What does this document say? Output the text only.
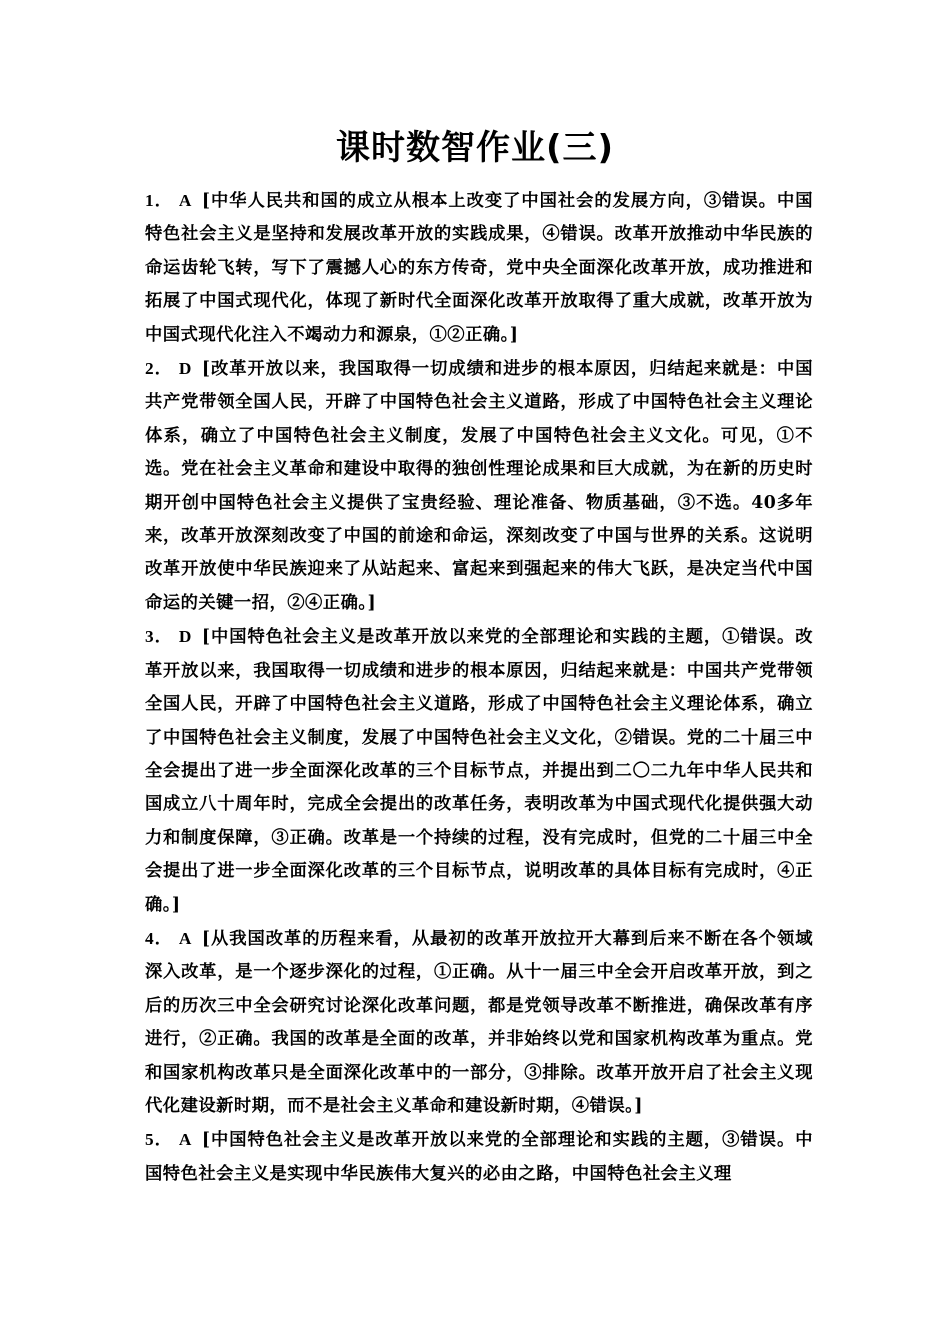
课时数智作业(三)

1． A [中华人民共和国的成立从根本上改变了中国社会的发展方向，③错误。中国特色社会主义是坚持和发展改革开放的实践成果，④错误。改革开放推动中华民族的命运齿轮飞转，写下了震撼人心的东方传奇，党中央全面深化改革开放，成功推进和拓展了中国式现代化，体现了新时代全面深化改革开放取得了重大成就，改革开放为中国式现代化注入不竭动力和源泉，①②正确。]

2． D [改革开放以来，我国取得一切成绩和进步的根本原因，归结起来就是：中国共产党带领全国人民，开辟了中国特色社会主义道路，形成了中国特色社会主义理论体系，确立了中国特色社会主义制度，发展了中国特色社会主义文化。可见，①不选。党在社会主义革命和建设中取得的独创性理论成果和巨大成就，为在新的历史时期开创中国特色社会主义提供了宝贵经验、理论准备、物质基础，③不选。40多年来，改革开放深刻改变了中国的前途和命运，深刻改变了中国与世界的关系。这说明改革开放使中华民族迎来了从站起来、富起来到强起来的伟大飞跃，是决定当代中国命运的关键一招，②④正确。]

3． D [中国特色社会主义是改革开放以来党的全部理论和实践的主题，①错误。改革开放以来，我国取得一切成绩和进步的根本原因，归结起来就是：中国共产党带领全国人民，开辟了中国特色社会主义道路，形成了中国特色社会主义理论体系，确立了中国特色社会主义制度，发展了中国特色社会主义文化，②错误。党的二十届三中全会提出了进一步全面深化改革的三个目标节点，并提出到二〇二九年中华人民共和国成立八十周年时，完成全会提出的改革任务，表明改革为中国式现代化提供强大动力和制度保障，③正确。改革是一个持续的过程，没有完成时，但党的二十届三中全会提出了进一步全面深化改革的三个目标节点，说明改革的具体目标有完成时，④正确。]

4． A [从我国改革的历程来看，从最初的改革开放拉开大幕到后来不断在各个领域深入改革，是一个逐步深化的过程，①正确。从十一届三中全会开启改革开放，到之后的历次三中全会研究讨论深化改革问题，都是党领导改革不断推进，确保改革有序进行，②正确。我国的改革是全面的改革，并非始终以党和国家机构改革为重点。党和国家机构改革只是全面深化改革中的一部分，③排除。改革开放开启了社会主义现代化建设新时期，而不是社会主义革命和建设新时期，④错误。]

5． A [中国特色社会主义是改革开放以来党的全部理论和实践的主题，③错误。中国特色社会主义是实现中华民族伟大复兴的必由之路，中国特色社会主义理
